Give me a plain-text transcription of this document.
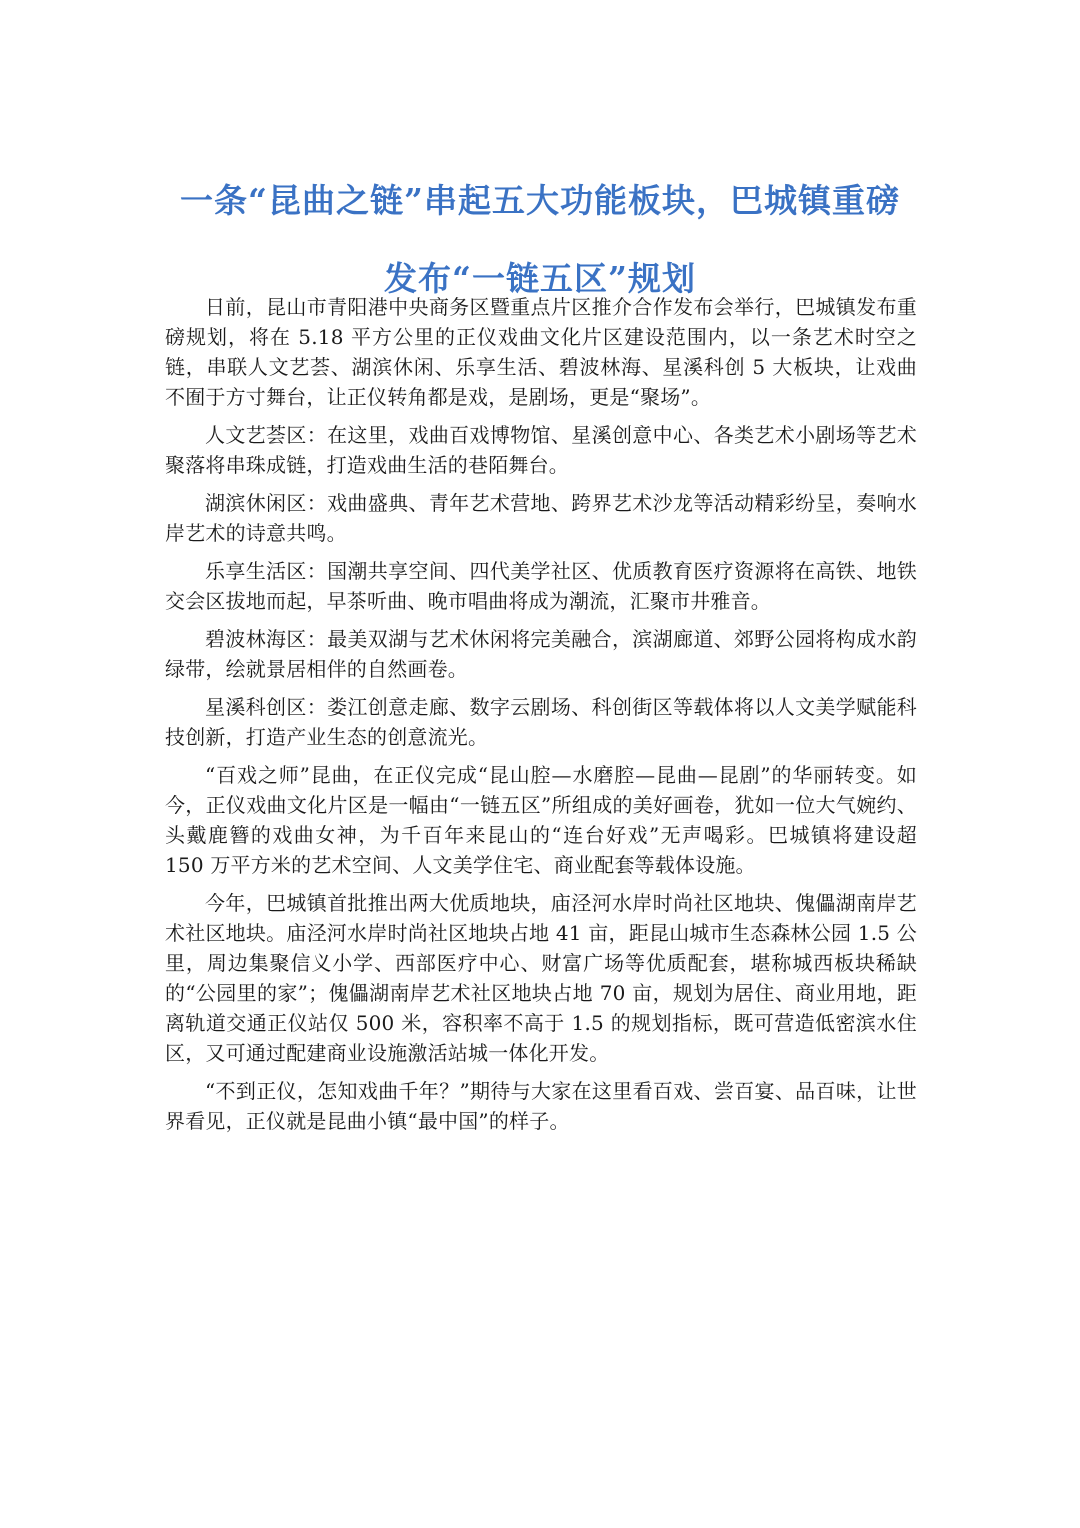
一条“昆曲之链”串起五大功能板块，巴城镇重磅
发布“一链五区”规划

日前，昆山市青阳港中央商务区暨重点片区推介合作发布会举行，巴城镇发布重磅规划，将在 5.18 平方公里的正仪戏曲文化片区建设范围内，以一条艺术时空之链，串联人文艺荟、湖滨休闲、乐享生活、碧波林海、星溪科创 5 大板块，让戏曲不囿于方寸舞台，让正仪转角都是戏，是剧场，更是“聚场”。

人文艺荟区：在这里，戏曲百戏博物馆、星溪创意中心、各类艺术小剧场等艺术聚落将串珠成链，打造戏曲生活的巷陌舞台。

湖滨休闲区：戏曲盛典、青年艺术营地、跨界艺术沙龙等活动精彩纷呈，奏响水岸艺术的诗意共鸣。

乐享生活区：国潮共享空间、四代美学社区、优质教育医疗资源将在高铁、地铁交会区拔地而起，早茶听曲、晚市唱曲将成为潮流，汇聚市井雅音。

碧波林海区：最美双湖与艺术休闲将完美融合，滨湖廊道、郊野公园将构成水韵绿带，绘就景居相伴的自然画卷。

星溪科创区：娄江创意走廊、数字云剧场、科创街区等载体将以人文美学赋能科技创新，打造产业生态的创意流光。

“百戏之师”昆曲，在正仪完成“昆山腔—水磨腔—昆曲—昆剧”的华丽转变。如今，正仪戏曲文化片区是一幅由“一链五区”所组成的美好画卷，犹如一位大气婉约、头戴鹿簪的戏曲女神，为千百年来昆山的“连台好戏”无声喝彩。巴城镇将建设超 150 万平方米的艺术空间、人文美学住宅、商业配套等载体设施。

今年，巴城镇首批推出两大优质地块，庙泾河水岸时尚社区地块、傀儡湖南岸艺术社区地块。庙泾河水岸时尚社区地块占地 41 亩，距昆山城市生态森林公园 1.5 公里，周边集聚信义小学、西部医疗中心、财富广场等优质配套，堪称城西板块稀缺的“公园里的家”；傀儡湖南岸艺术社区地块占地 70 亩，规划为居住、商业用地，距离轨道交通正仪站仅 500 米，容积率不高于 1.5 的规划指标，既可营造低密滨水住区，又可通过配建商业设施激活站城一体化开发。

“不到正仪，怎知戏曲千年？”期待与大家在这里看百戏、尝百宴、品百味，让世界看见，正仪就是昆曲小镇“最中国”的样子。
